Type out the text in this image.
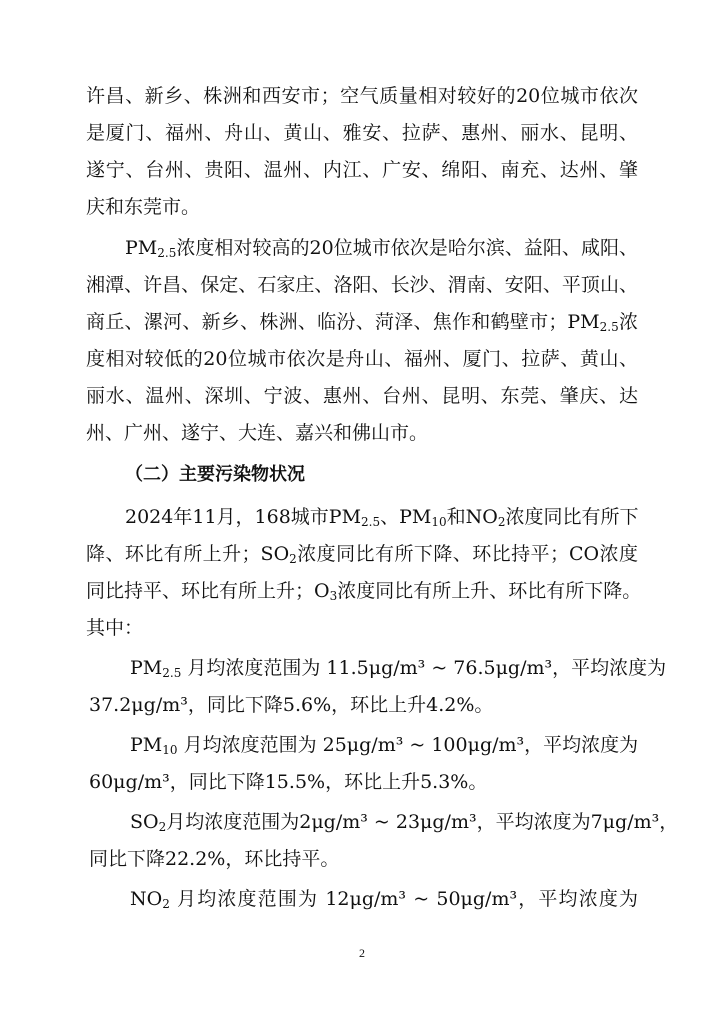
许昌、新乡、株洲和西安市；空气质量相对较好的20位城市依次
是厦门、福州、舟山、黄山、雅安、拉萨、惠州、丽水、昆明、
遂宁、台州、贵阳、温州、内江、广安、绵阳、南充、达州、肇
庆和东莞市。
$PM_{2.5}$浓度相对较高的20位城市依次是哈尔滨、益阳、咸阳、
湘潭、许昌、保定、石家庄、洛阳、长沙、渭南、安阳、平顶山、
商丘、漯河、新乡、株洲、临汾、菏泽、焦作和鹤壁市；$PM_{2.5}$浓
度相对较低的20位城市依次是舟山、福州、厦门、拉萨、黄山、
丽水、温州、深圳、宁波、惠州、台州、昆明、东莞、肇庆、达
州、广州、遂宁、大连、嘉兴和佛山市。
（二）主要污染物状况
2024年11月，168城市$PM_{2.5}$、$PM_{10}$和$NO_2$浓度同比有所下
降、环比有所上升；$SO_2$浓度同比有所下降、环比持平；CO浓度
同比持平、环比有所上升；$O_3$浓度同比有所上升、环比有所下降。
其中：
$PM_{2.5}$ 月均浓度范围为 11.5μg/m³ ~ 76.5μg/m³，平均浓度为
37.2μg/m³，同比下降5.6%，环比上升4.2%。
$PM_{10}$ 月均浓度范围为 25μg/m³ ~ 100μg/m³，平均浓度为
60μg/m³，同比下降15.5%，环比上升5.3%。
$SO_2$月均浓度范围为2μg/m³ ~ 23μg/m³，平均浓度为7μg/m³，
同比下降22.2%，环比持平。
$NO_2$ 月均浓度范围为 12μg/m³ ~ 50μg/m³，平均浓度为
2
